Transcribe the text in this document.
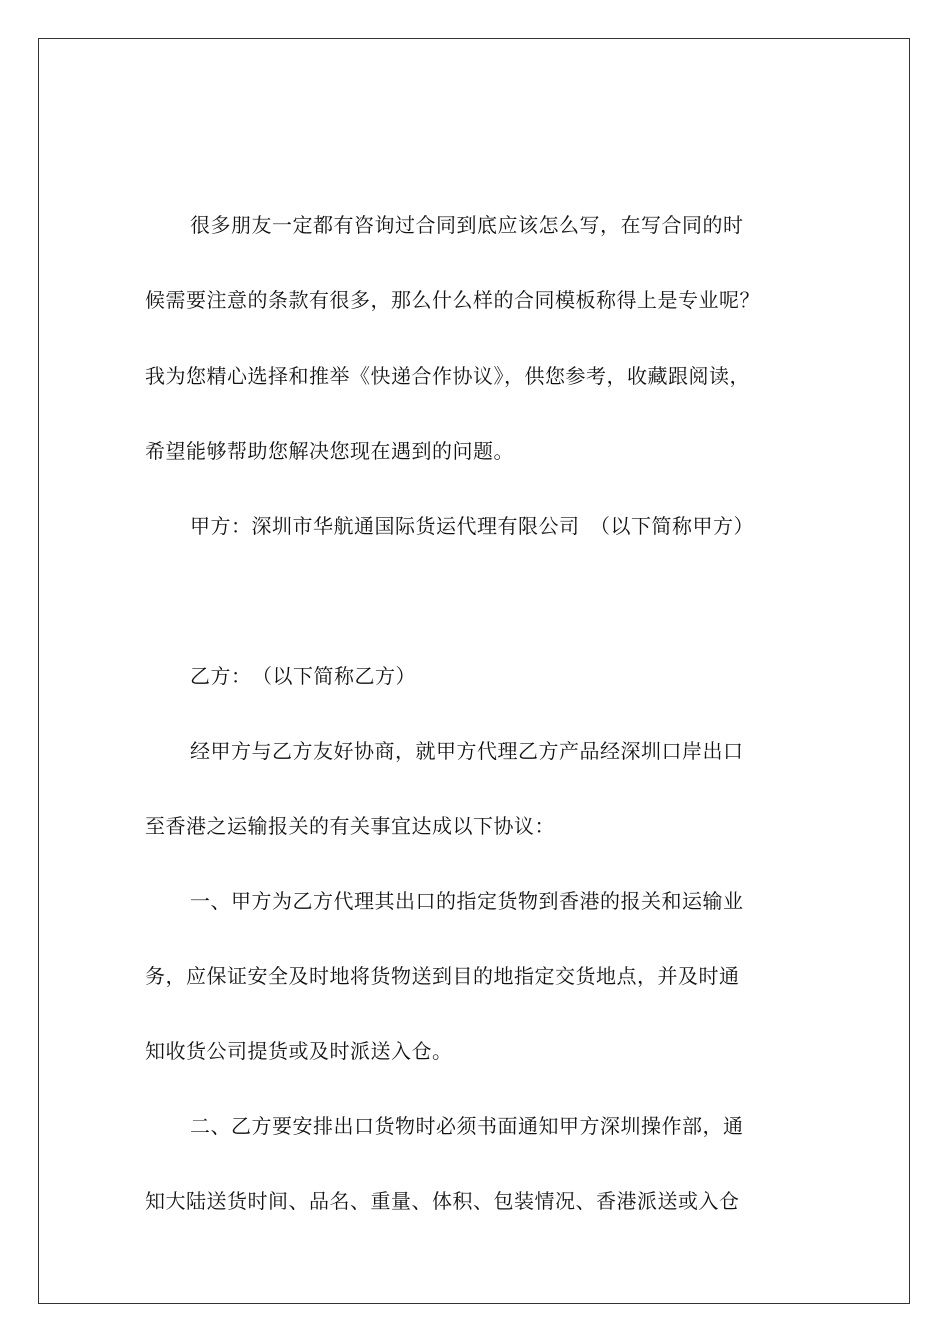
很多朋友一定都有咨询过合同到底应该怎么写，在写合同的时
候需要注意的条款有很多，那么什么样的合同模板称得上是专业呢？
我为您精心选择和推举《快递合作协议》，供您参考，收藏跟阅读，
希望能够帮助您解决您现在遇到的问题。
甲方：深圳市华航通国际货运代理有限公司　（以下简称甲方）
乙方：　（以下简称乙方）
经甲方与乙方友好协商，就甲方代理乙方产品经深圳口岸出口
至香港之运输报关的有关事宜达成以下协议：
一、甲方为乙方代理其出口的指定货物到香港的报关和运输业
务，应保证安全及时地将货物送到目的地指定交货地点，并及时通
知收货公司提货或及时派送入仓。
二、乙方要安排出口货物时必须书面通知甲方深圳操作部，通
知大陆送货时间、品名、重量、体积、包装情况、香港派送或入仓
